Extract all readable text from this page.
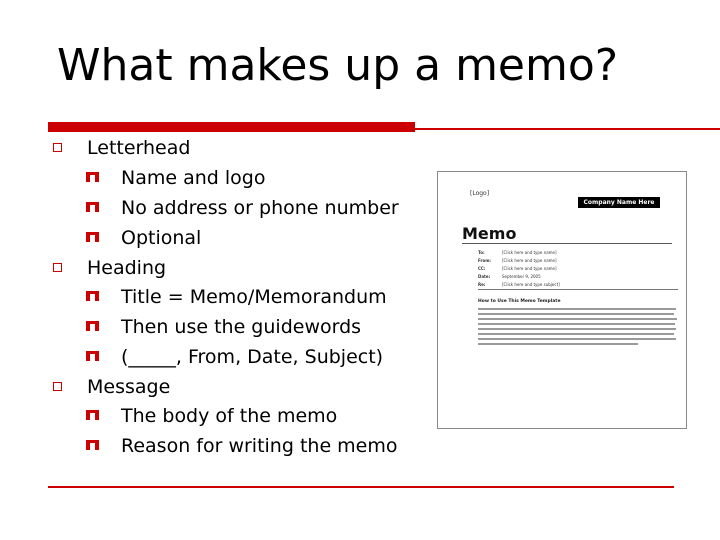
What makes up a memo?
Letterhead
Name and logo
No address or phone number
Optional
Heading
Title = Memo/Memorandum
Then use the guidewords
(_____, From, Date, Subject)
Message
The body of the memo
Reason for writing the memo
[Logo]
Company Name Here
Memo
To:	[Click here and type name]
From:	[Click here and type name]
CC:	[Click here and type name]
Date:	September 9, 2005
Re:	[Click here and type subject]
How to Use This Memo Template
